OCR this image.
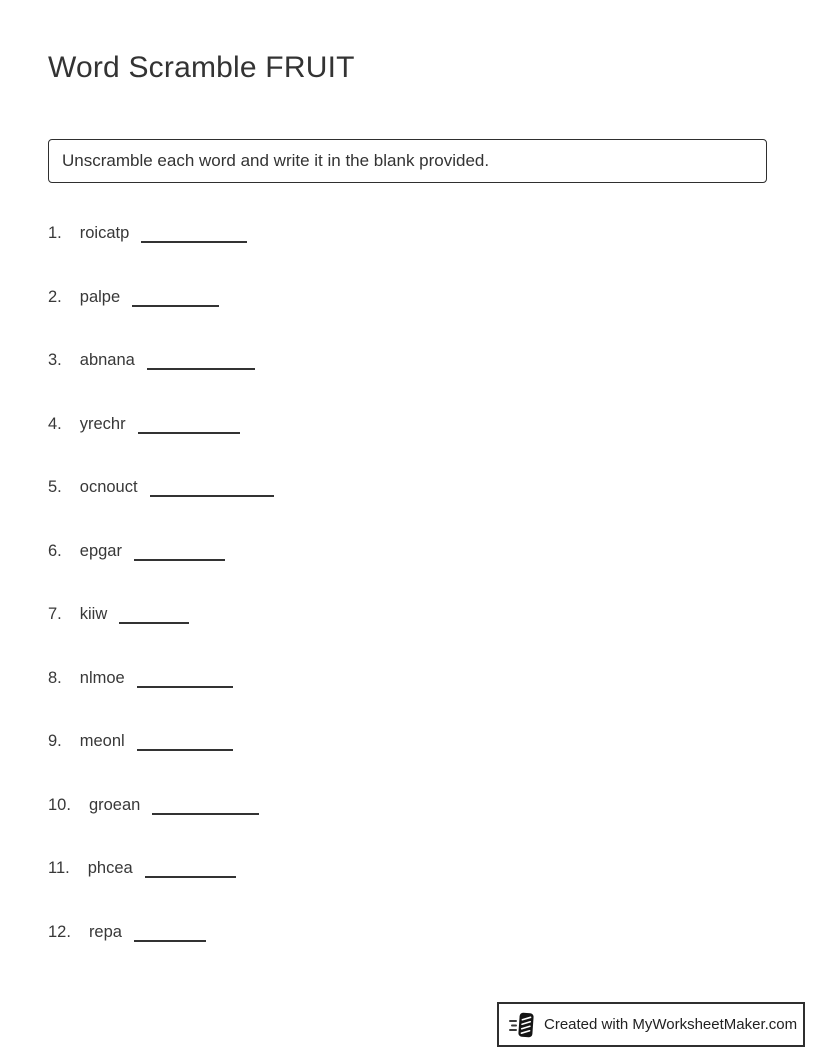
Word Scramble FRUIT
Unscramble each word and write it in the blank provided.
1. roicatp
2. palpe
3. abnana
4. yrechr
5. ocnouct
6. epgar
7. kiiw
8. nlmoe
9. meonl
10. groean
11. phcea
12. repa
Created with MyWorksheetMaker.com
